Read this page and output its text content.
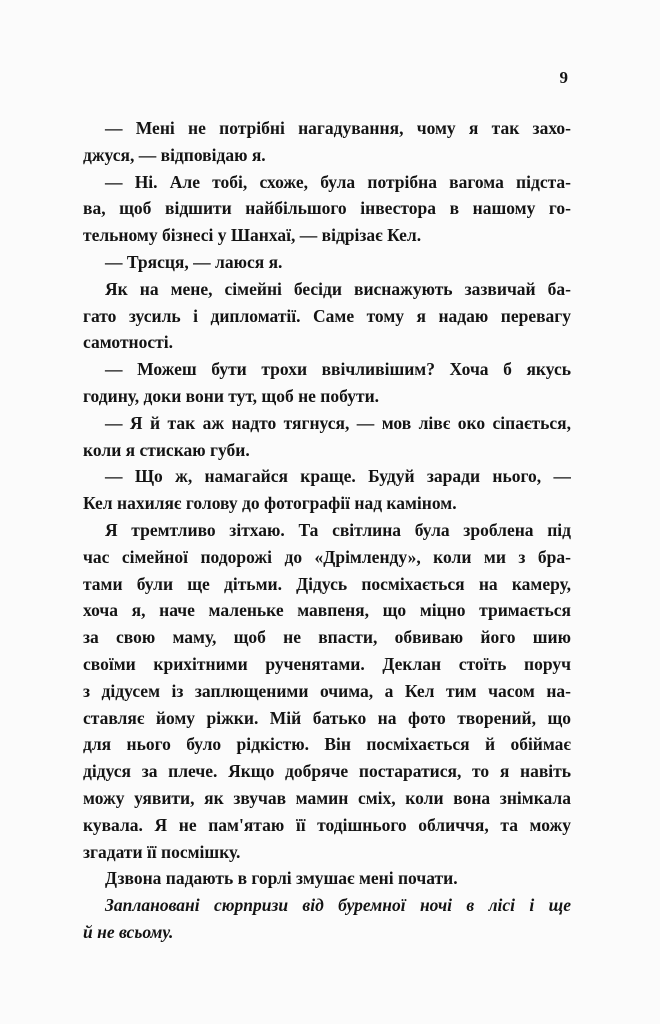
9
— Мені не потрібні нагадування, чому я так захо-
джуся, — відповідаю я.
— Ні. Але тобі, схоже, була потрібна вагома підста-
ва, щоб відшити найбільшого інвестора в нашому го-
тельному бізнесі у Шанхаї, — відрізає Кел.
— Трясця, — лаюся я.
Як на мене, сімейні бесіди виснажують зазвичай ба-
гато зусиль і дипломатії. Саме тому я надаю перевагу
самотності.
— Можеш бути трохи ввічливішим? Хоча б якусь
годину, доки вони тут, щоб не побути.
— Я й так аж надто тягнуся, — мов лівє око сіпається,
коли я стискаю губи.
— Що ж, намагайся краще. Будуй заради нього, —
Кел нахиляє голову до фотографії над каміном.
Я тремтливо зітхаю. Та світлина була зроблена під
час сімейної подорожі до «Дрімленду», коли ми з бра-
тами були ще дітьми. Дідусь посміхається на камеру,
хоча я, наче маленьке мавпеня, що міцно тримається
за свою маму, щоб не впасти, обвиваю його шию
своїми крихітними рученятами. Деклан стоїть поруч
з дідусем із заплющеними очима, а Кел тим часом на-
ставляє йому ріжки. Мій батько на фото творений, що
для нього було рідкістю. Він посміхається й обіймає
дідуся за плече. Якщо добряче постаратися, то я навіть
можу уявити, як звучав мамин сміх, коли вона знімкала
кувала. Я не пам'ятаю її тодішнього обличчя, та можу
згадати її посмішку.
Дзвона падають в горлі змушає мені почати.
Заплановані сюрпризи від буремної ночі в лісі і ще
й не всьому.
